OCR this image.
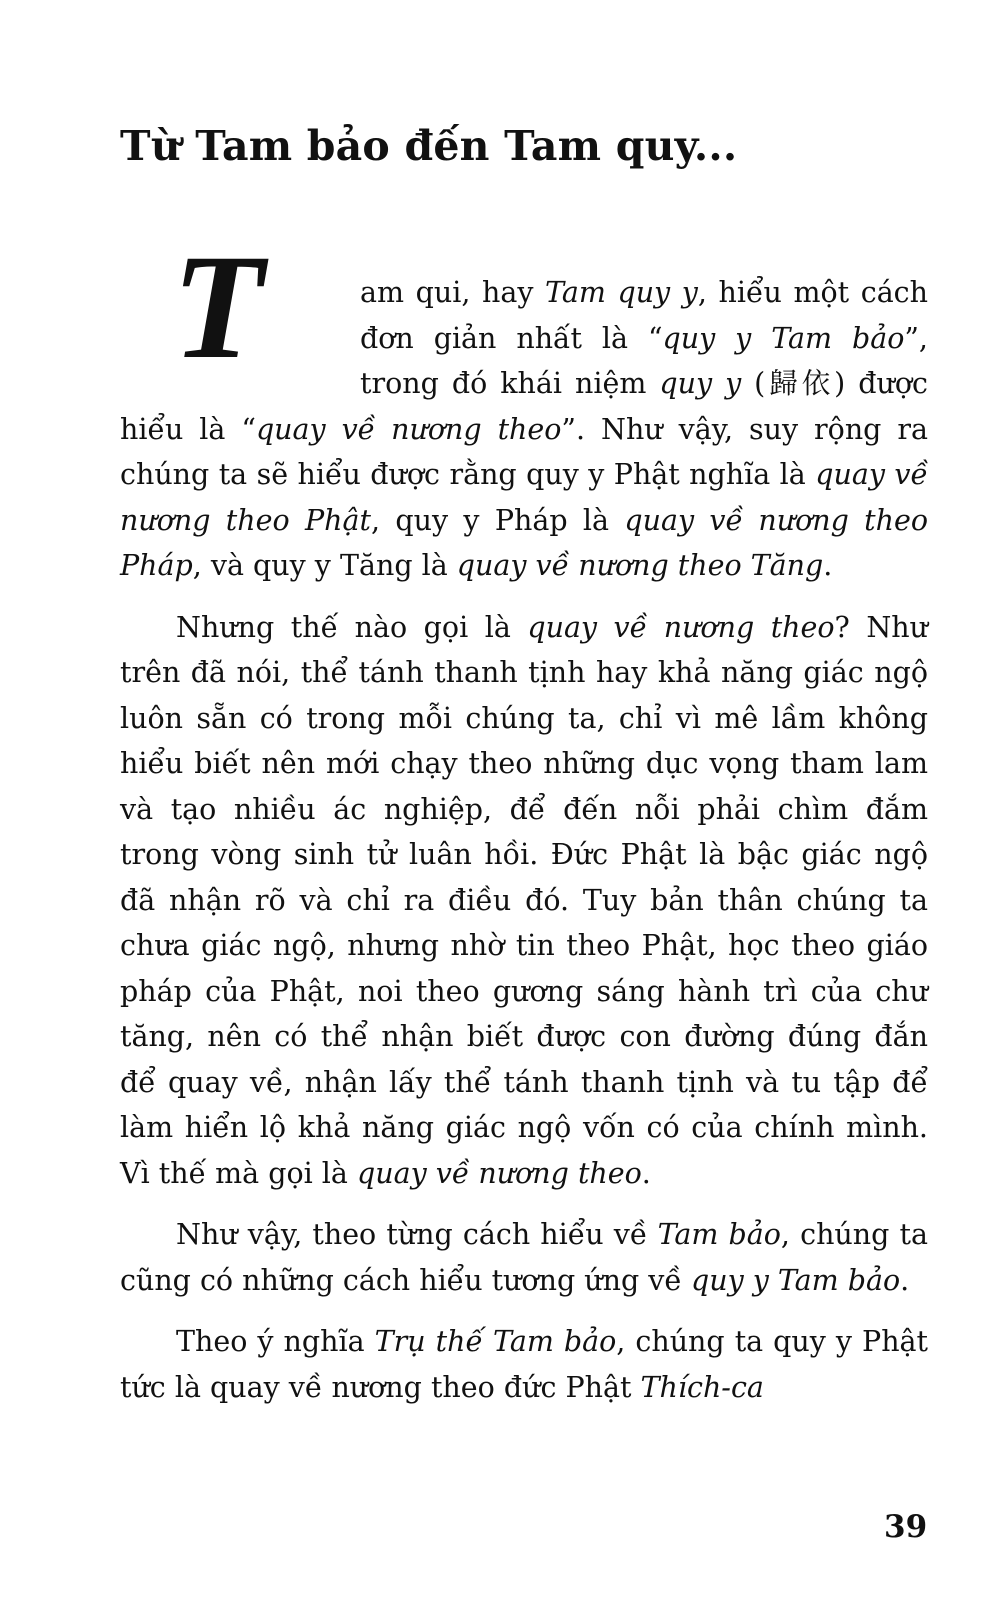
Từ Tam bảo đến Tam quy...

T	am qui, hay Tam quy y, hiểu một cách đơn giản nhất là “quy y Tam bảo”, trong đó khái niệm quy y (歸依) được hiểu là “quay về nương theo”. Như vậy, suy rộng ra chúng ta sẽ hiểu được rằng quy y Phật nghĩa là quay về nương theo Phật, quy y Pháp là quay về nương theo Pháp, và quy y Tăng là quay về nương theo Tăng.

Nhưng thế nào gọi là quay về nương theo? Như trên đã nói, thể tánh thanh tịnh hay khả năng giác ngộ luôn sẵn có trong mỗi chúng ta, chỉ vì mê lầm không hiểu biết nên mới chạy theo những dục vọng tham lam và tạo nhiều ác nghiệp, để đến nỗi phải chìm đắm trong vòng sinh tử luân hồi. Đức Phật là bậc giác ngộ đã nhận rõ và chỉ ra điều đó. Tuy bản thân chúng ta chưa giác ngộ, nhưng nhờ tin theo Phật, học theo giáo pháp của Phật, noi theo gương sáng hành trì của chư tăng, nên có thể nhận biết được con đường đúng đắn để quay về, nhận lấy thể tánh thanh tịnh và tu tập để làm hiển lộ khả năng giác ngộ vốn có của chính mình. Vì thế mà gọi là quay về nương theo.

Như vậy, theo từng cách hiểu về Tam bảo, chúng ta cũng có những cách hiểu tương ứng về quy y Tam bảo.

Theo ý nghĩa Trụ thế Tam bảo, chúng ta quy y Phật tức là quay về nương theo đức Phật Thích-ca

39
